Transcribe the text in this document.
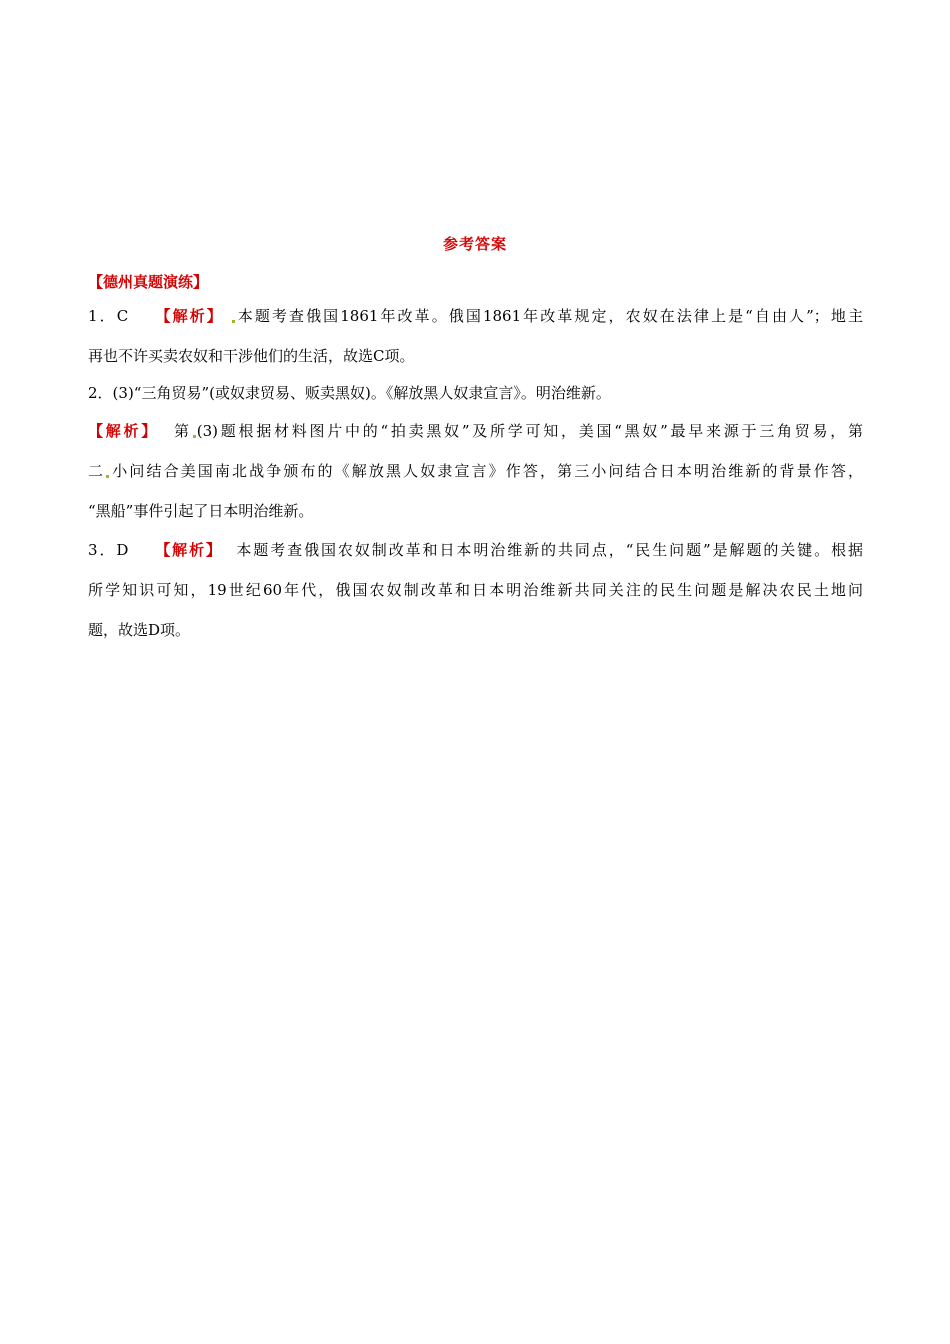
参考答案
【德州真题演练】
1．C 【解析】 本题考查俄国1861年改革。俄国1861年改革规定，农奴在法律上是“自由人”；地主
再也不许买卖农奴和干涉他们的生活，故选C项。
2．(3)“三角贸易”(或奴隶贸易、贩卖黑奴)。《解放黑人奴隶宣言》。明治维新。
【解析】 第 (3)题根据材料图片中的“拍卖黑奴”及所学可知，美国“黑奴”最早来源于三角贸易，第
二 小问结合美国南北战争颁布的《解放黑人奴隶宣言》作答，第三小问结合日本明治维新的背景作答，
“黑船”事件引起了日本明治维新。
3．D 【解析】 本题考查俄国农奴制改革和日本明治维新的共同点，“民生问题”是解题的关键。根据
所学知识可知，19世纪60年代，俄国农奴制改革和日本明治维新共同关注的民生问题是解决农民土地问
题，故选D项。
